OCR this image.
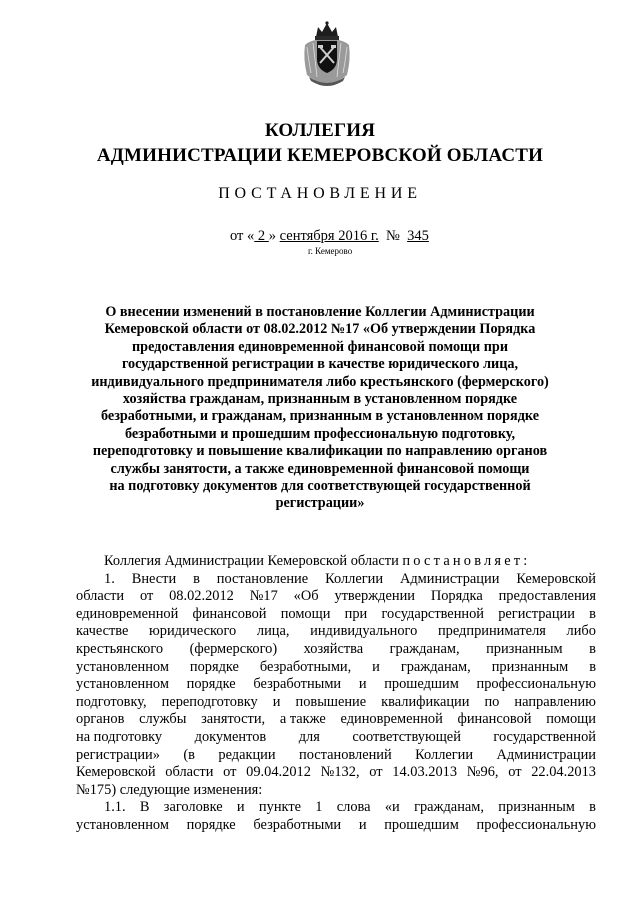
КОЛЛЕГИЯ
АДМИНИСТРАЦИИ КЕМЕРОВСКОЙ ОБЛАСТИ
ПОСТАНОВЛЕНИЕ
от « 2 » сентября 2016 г. № 345
г. Кемерово
О внесении изменений в постановление Коллегии Администрации
Кемеровской области от 08.02.2012 №17 «Об утверждении Порядка
предоставления единовременной финансовой помощи при
государственной регистрации в качестве юридического лица,
индивидуального предпринимателя либо крестьянского (фермерского)
хозяйства гражданам, признанным в установленном порядке
безработными, и гражданам, признанным в установленном порядке
безработными и прошедшим профессиональную подготовку,
переподготовку и повышение квалификации по направлению органов
службы занятости, а также единовременной финансовой помощи
на подготовку документов для соответствующей государственной
регистрации»
Коллегия Администрации Кемеровской области постановляет:
1. Внести в постановление Коллегии Администрации Кемеровской
области от 08.02.2012 №17 «Об утверждении Порядка предоставления
единовременной финансовой помощи при государственной регистрации в
качестве юридического лица, индивидуального предпринимателя либо
крестьянского (фермерского) хозяйства гражданам, признанным в
установленном порядке безработными, и гражданам, признанным в
установленном порядке безработными и прошедшим профессиональную
подготовку, переподготовку и повышение квалификации по направлению
органов службы занятости, а также единовременной финансовой помощи
на подготовку документов для соответствующей государственной
регистрации» (в редакции постановлений Коллегии Администрации
Кемеровской области от 09.04.2012 №132, от 14.03.2013 №96, от 22.04.2013
№175) следующие изменения:
1.1. В заголовке и пункте 1 слова «и гражданам, признанным в
установленном порядке безработными и прошедшим профессиональную
